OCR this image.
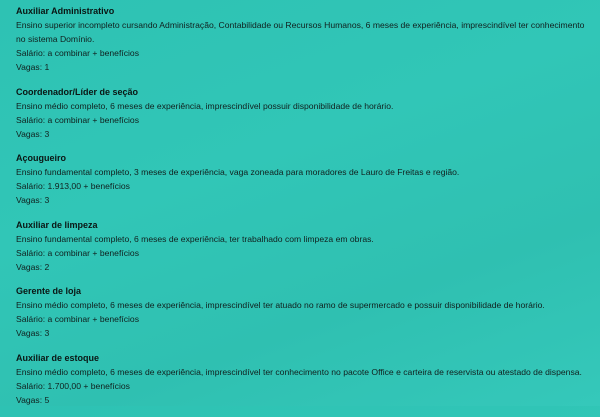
Auxiliar Administrativo
Ensino superior incompleto cursando Administração, Contabilidade ou Recursos Humanos, 6 meses de experiência, imprescindível ter conhecimento no sistema Domínio.
Salário: a combinar + benefícios
Vagas: 1
Coordenador/Líder de seção
Ensino médio completo, 6 meses de experiência, imprescindível possuir disponibilidade de horário.
Salário: a combinar + benefícios
Vagas: 3
Açougueiro
Ensino fundamental completo, 3 meses de experiência, vaga zoneada para moradores de Lauro de Freitas e região.
Salário: 1.913,00 + benefícios
Vagas: 3
Auxiliar de limpeza
Ensino fundamental completo, 6 meses de experiência, ter trabalhado com limpeza em obras.
Salário: a combinar + benefícios
Vagas: 2
Gerente de loja
Ensino médio completo, 6 meses de experiência, imprescindível ter atuado no ramo de supermercado e possuir disponibilidade de horário.
Salário: a combinar + benefícios
Vagas: 3
Auxiliar de estoque
Ensino médio completo, 6 meses de experiência, imprescindível ter conhecimento no pacote Office e carteira de reservista ou atestado de dispensa.
Salário: 1.700,00 + benefícios
Vagas: 5
